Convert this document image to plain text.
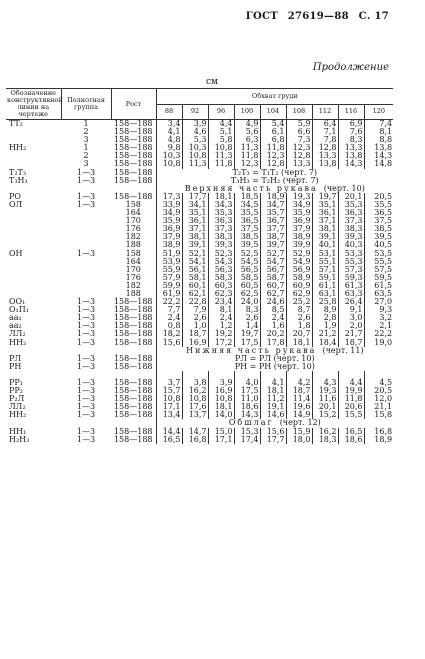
ГОСТ 27619—88 С. 17
Продолжение
см
Обозначение конструктивной линии на чертеже	Полнотная группа	Рост	Обхват груди								
			88	92	96	100	104	108	112	116	120
ТТ₂	1	158—188	3,4	3,9	4,4	4,9	5,4	5,9	6,4	6,9	7,4
	2	158—188	4,1	4,6	5,1	5,6	6,1	6,6	7,1	7,6	8,1
	3	158—188	4,8	5,3	5,8	6,3	6,8	7,3	7,8	8,3	8,8
НН₂	1	158—188	9,8	10,3	10,8	11,3	11,8	12,3	12,8	13,3	13,8
	2	158—188	10,3	10,8	11,3	11,8	12,3	12,8	13,3	13,8	14,3
	3	158—188	10,8	11,3	11,8	12,3	12,8	13,3	13,8	14,3	14,8
Т₂Т₃	1—3	158—188	Т₂Т₃ = Т₁Т₂ (черт. 7)								
Т₃Н₃	1—3	158—188	Т₃Н₃ = Т₂Н₂ (черт. 7)								
			Верхняя часть рукава (черт. 10)								
РО	1—3	158—188	17,3	17,7	18,1	18,5	18,9	19,3	19,7	20,1	20,5
ОЛ	1—3	158	33,9	34,1	34,3	34,5	34,7	34,9	35,1	35,3	35,5
		164	34,9	35,1	35,3	35,5	35,7	35,9	36,1	36,3	36,5
		170	35,9	36,1	36,3	36,5	36,7	36,9	37,1	37,3	37,5
		176	36,9	37,1	37,3	37,5	37,7	37,9	38,1	38,3	38,5
		182	37,9	38,1	38,3	38,5	38,7	38,9	39,1	39,3	39,5
		188	38,9	39,1	39,3	39,5	39,7	39,9	40,1	40,3	40,5
ОН	1—3	158	51,9	52,1	52,3	52,5	52,7	52,9	53,1	53,3	53,5
		164	53,9	54,1	54,3	54,5	54,7	54,9	55,1	55,3	55,5
		170	55,9	56,1	56,3	56,5	56,7	56,9	57,1	57,3	57,5
		176	57,9	58,1	58,3	58,5	58,7	58,9	59,1	59,3	59,5
		182	59,9	60,1	60,3	60,5	60,7	60,9	61,1	61,3	61,5
		188	61,9	62,1	62,3	62,5	62,7	62,9	63,1	63,3	63,5
ОО₁	1—3	158—188	22,2	22,8	23,4	24,0	24,6	25,2	25,8	26,4	27,0
О₁Π₁	1—3	158—188	7,7	7,9	8,1	8,3	8,5	8,7	8,9	9,1	9,3
аа₁	1—3	158—188	2,4	2,6	2,4	2,6	2,4	2,6	2,8	3,0	3,2
аа₂	1—3	158—188	0,8	1,0	1,2	1,4	1,6	1,8	1,9	2,0	2,1
ЛЛ₂	1—3	158—188	18,2	18,7	19,2	19,7	20,2	20,7	21,2	21,7	22,2
НН₂	1—3	158—188	15,6	16,9	17,2	17,5	17,8	18,1	18,4	18,7	19,0
			Нижняя часть рукава (черт. 11)								
РЛ	1—3	158—188	РЛ = РЛ (черт. 10)								
РН	1—3	158—188	РН = РН (черт. 10)								

РР₁	1—3	158—188	3,7	3,8	3,9	4,0	4,1	4,2	4,3	4,4	4,5
РР₂	1—3	158—188	15,7	16,2	16,9	17,5	18,1	18,7	19,3	19,9	20,5
Р₂Л	1—3	158—188	10,8	10,8	10,8	11,0	11,2	11,4	11,6	11,8	12,0
ЛЛ₂	1—3	158—188	17,1	17,6	18,1	18,6	19,1	19,6	20,1	20,6	21,1
НН₂	1—3	158—188	13,4	13,7	14,0	14,3	14,6	14,9	15,2	15,5	15,8
			Обшлаг (черт. 12)								
НН₁	1—3	158—188	14,4	14,7	15,0	15,3	15,6	15,9	16,2	16,5	16,8
Н₂Н₃	1—3	158—188	16,5	16,8	17,1	17,4	17,7	18,0	18,3	18,6	18,9
